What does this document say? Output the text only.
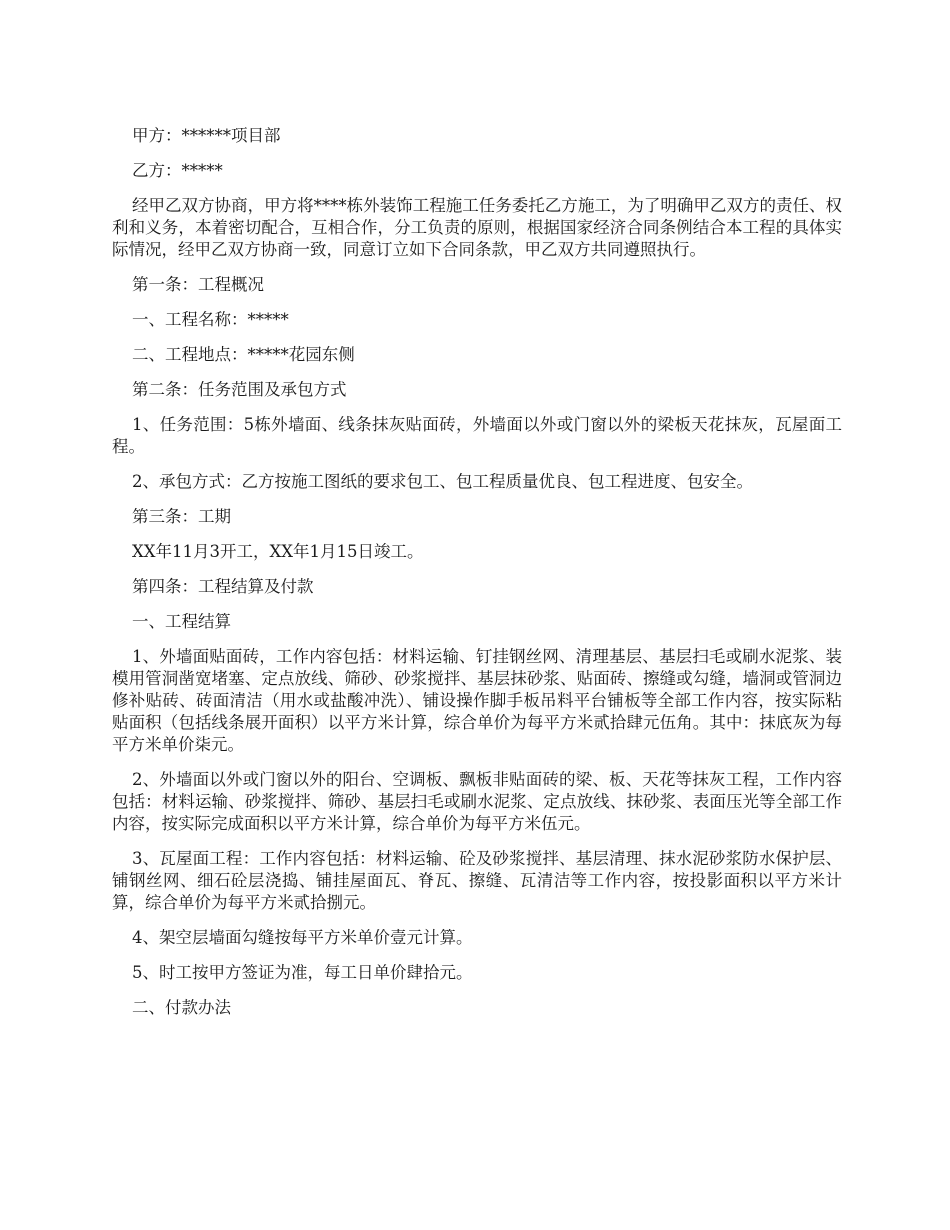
甲方：******项目部

乙方：*****

经甲乙双方协商，甲方将****栋外装饰工程施工任务委托乙方施工，为了明确甲乙双方的责任、权利和义务，本着密切配合，互相合作，分工负责的原则，根据国家经济合同条例结合本工程的具体实际情况，经甲乙双方协商一致，同意订立如下合同条款，甲乙双方共同遵照执行。

第一条：工程概况

一、工程名称：*****

二、工程地点：*****花园东侧

第二条：任务范围及承包方式

1、任务范围：5栋外墙面、线条抹灰贴面砖，外墙面以外或门窗以外的梁板天花抹灰，瓦屋面工程。

2、承包方式：乙方按施工图纸的要求包工、包工程质量优良、包工程进度、包安全。

第三条：工期

XX年11月3开工，XX年1月15日竣工。

第四条：工程结算及付款

一、工程结算

1、外墙面贴面砖，工作内容包括：材料运输、钉挂钢丝网、清理基层、基层扫毛或刷水泥浆、装模用管洞凿宽堵塞、定点放线、筛砂、砂浆搅拌、基层抹砂浆、贴面砖、擦缝或勾缝，墙洞或管洞边修补贴砖、砖面清洁（用水或盐酸冲洗）、铺设操作脚手板吊料平台铺板等全部工作内容，按实际粘贴面积（包括线条展开面积）以平方米计算，综合单价为每平方米贰拾肆元伍角。其中：抹底灰为每平方米单价柒元。

2、外墙面以外或门窗以外的阳台、空调板、飘板非贴面砖的梁、板、天花等抹灰工程，工作内容包括：材料运输、砂浆搅拌、筛砂、基层扫毛或刷水泥浆、定点放线、抹砂浆、表面压光等全部工作内容，按实际完成面积以平方米计算，综合单价为每平方米伍元。

3、瓦屋面工程：工作内容包括：材料运输、砼及砂浆搅拌、基层清理、抹水泥砂浆防水保护层、铺钢丝网、细石砼层浇捣、铺挂屋面瓦、脊瓦、擦缝、瓦清洁等工作内容，按投影面积以平方米计算，综合单价为每平方米贰拾捌元。

4、架空层墙面勾缝按每平方米单价壹元计算。

5、时工按甲方签证为准，每工日单价肆拾元。

二、付款办法
